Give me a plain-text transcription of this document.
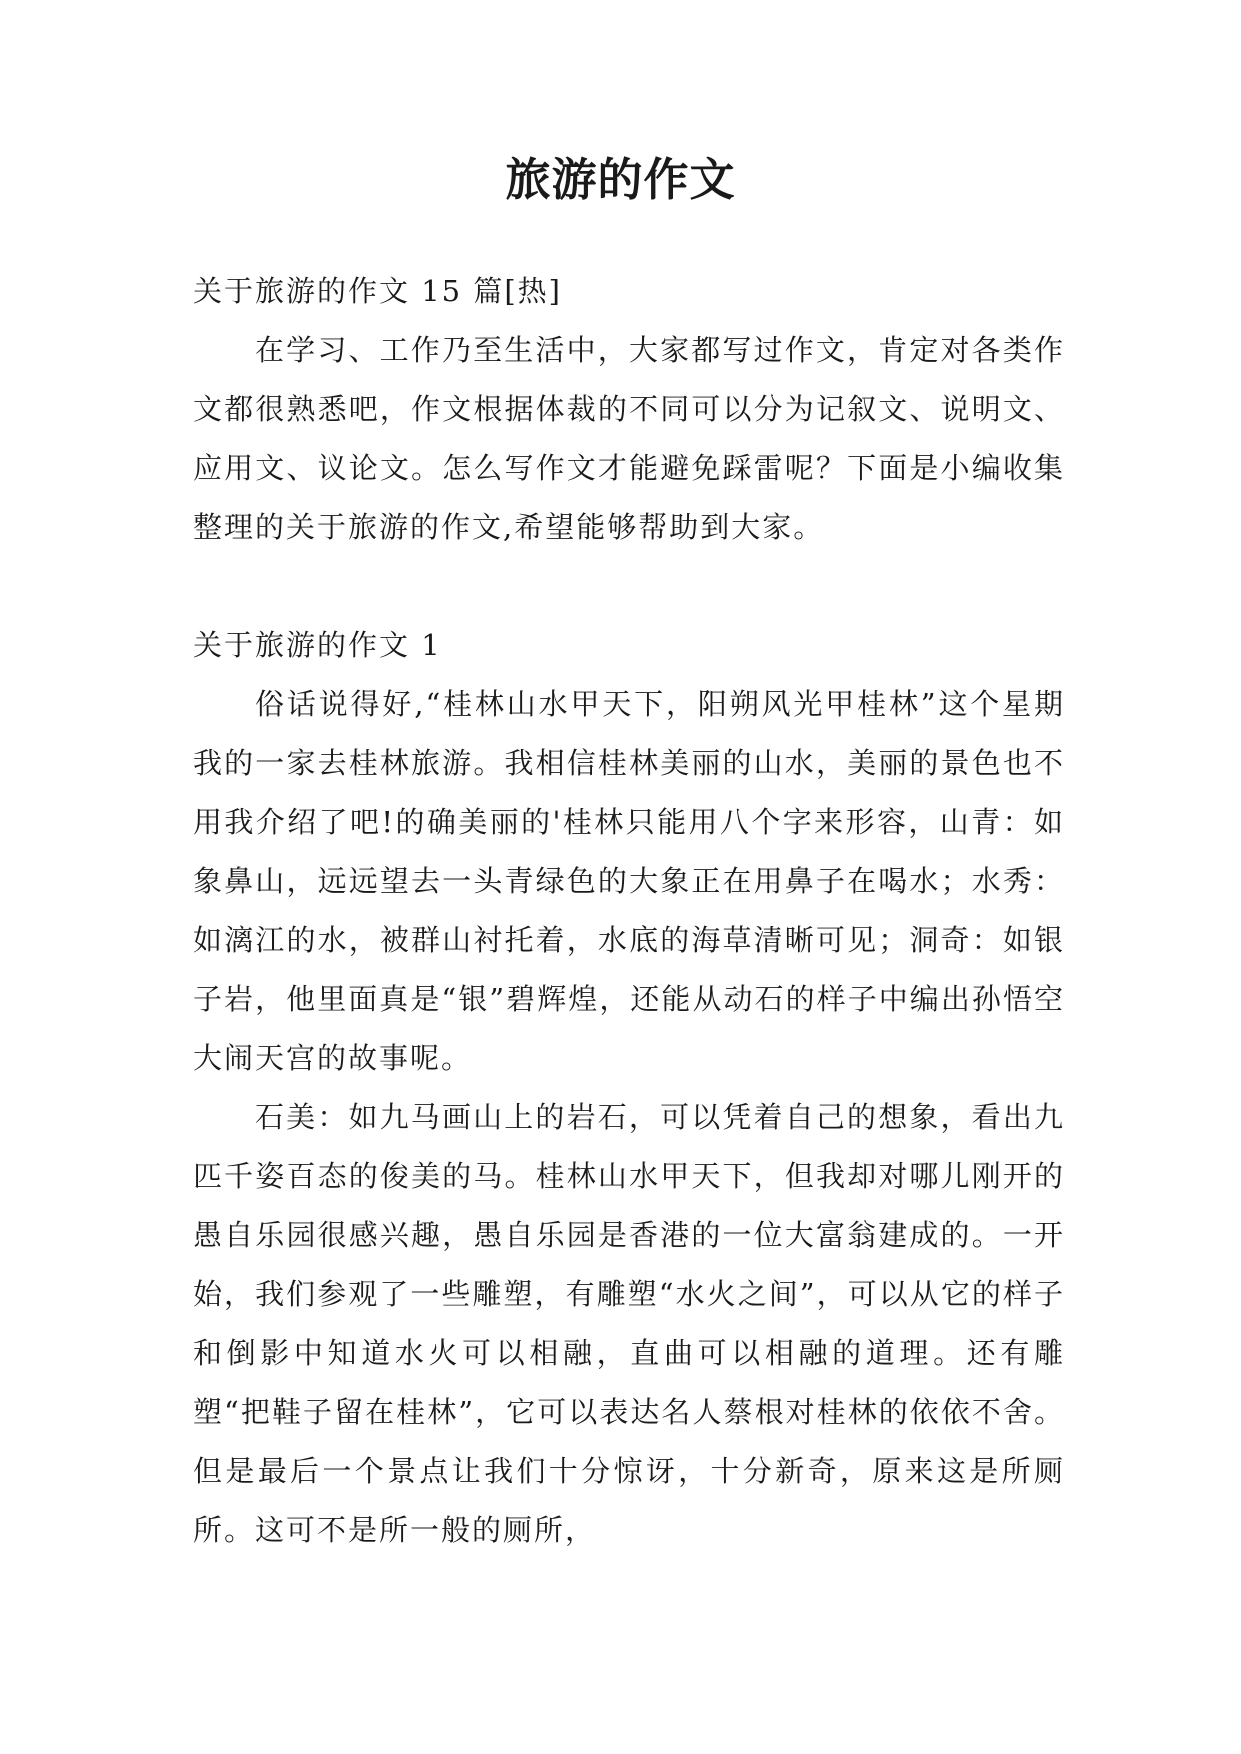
旅游的作文

关于旅游的作文 15 篇[热]

在学习、工作乃至生活中，大家都写过作文，肯定对各类作文都很熟悉吧，作文根据体裁的不同可以分为记叙文、说明文、应用文、议论文。怎么写作文才能避免踩雷呢？下面是小编收集整理的关于旅游的作文,希望能够帮助到大家。

关于旅游的作文 1

俗话说得好,“桂林山水甲天下，阳朔风光甲桂林”这个星期我的一家去桂林旅游。我相信桂林美丽的山水，美丽的景色也不用我介绍了吧!的确美丽的'桂林只能用八个字来形容，山青：如象鼻山，远远望去一头青绿色的大象正在用鼻子在喝水；水秀：如漓江的水，被群山衬托着，水底的海草清晰可见；洞奇：如银子岩，他里面真是“银”碧辉煌，还能从动石的样子中编出孙悟空大闹天宫的故事呢。

石美：如九马画山上的岩石，可以凭着自己的想象，看出九匹千姿百态的俊美的马。桂林山水甲天下，但我却对哪儿刚开的愚自乐园很感兴趣，愚自乐园是香港的一位大富翁建成的。一开始，我们参观了一些雕塑，有雕塑“水火之间”，可以从它的样子和倒影中知道水火可以相融，直曲可以相融的道理。还有雕塑“把鞋子留在桂林”，它可以表达名人蔡根对桂林的依依不舍。但是最后一个景点让我们十分惊讶，十分新奇，原来这是所厕所。这可不是所一般的厕所，
